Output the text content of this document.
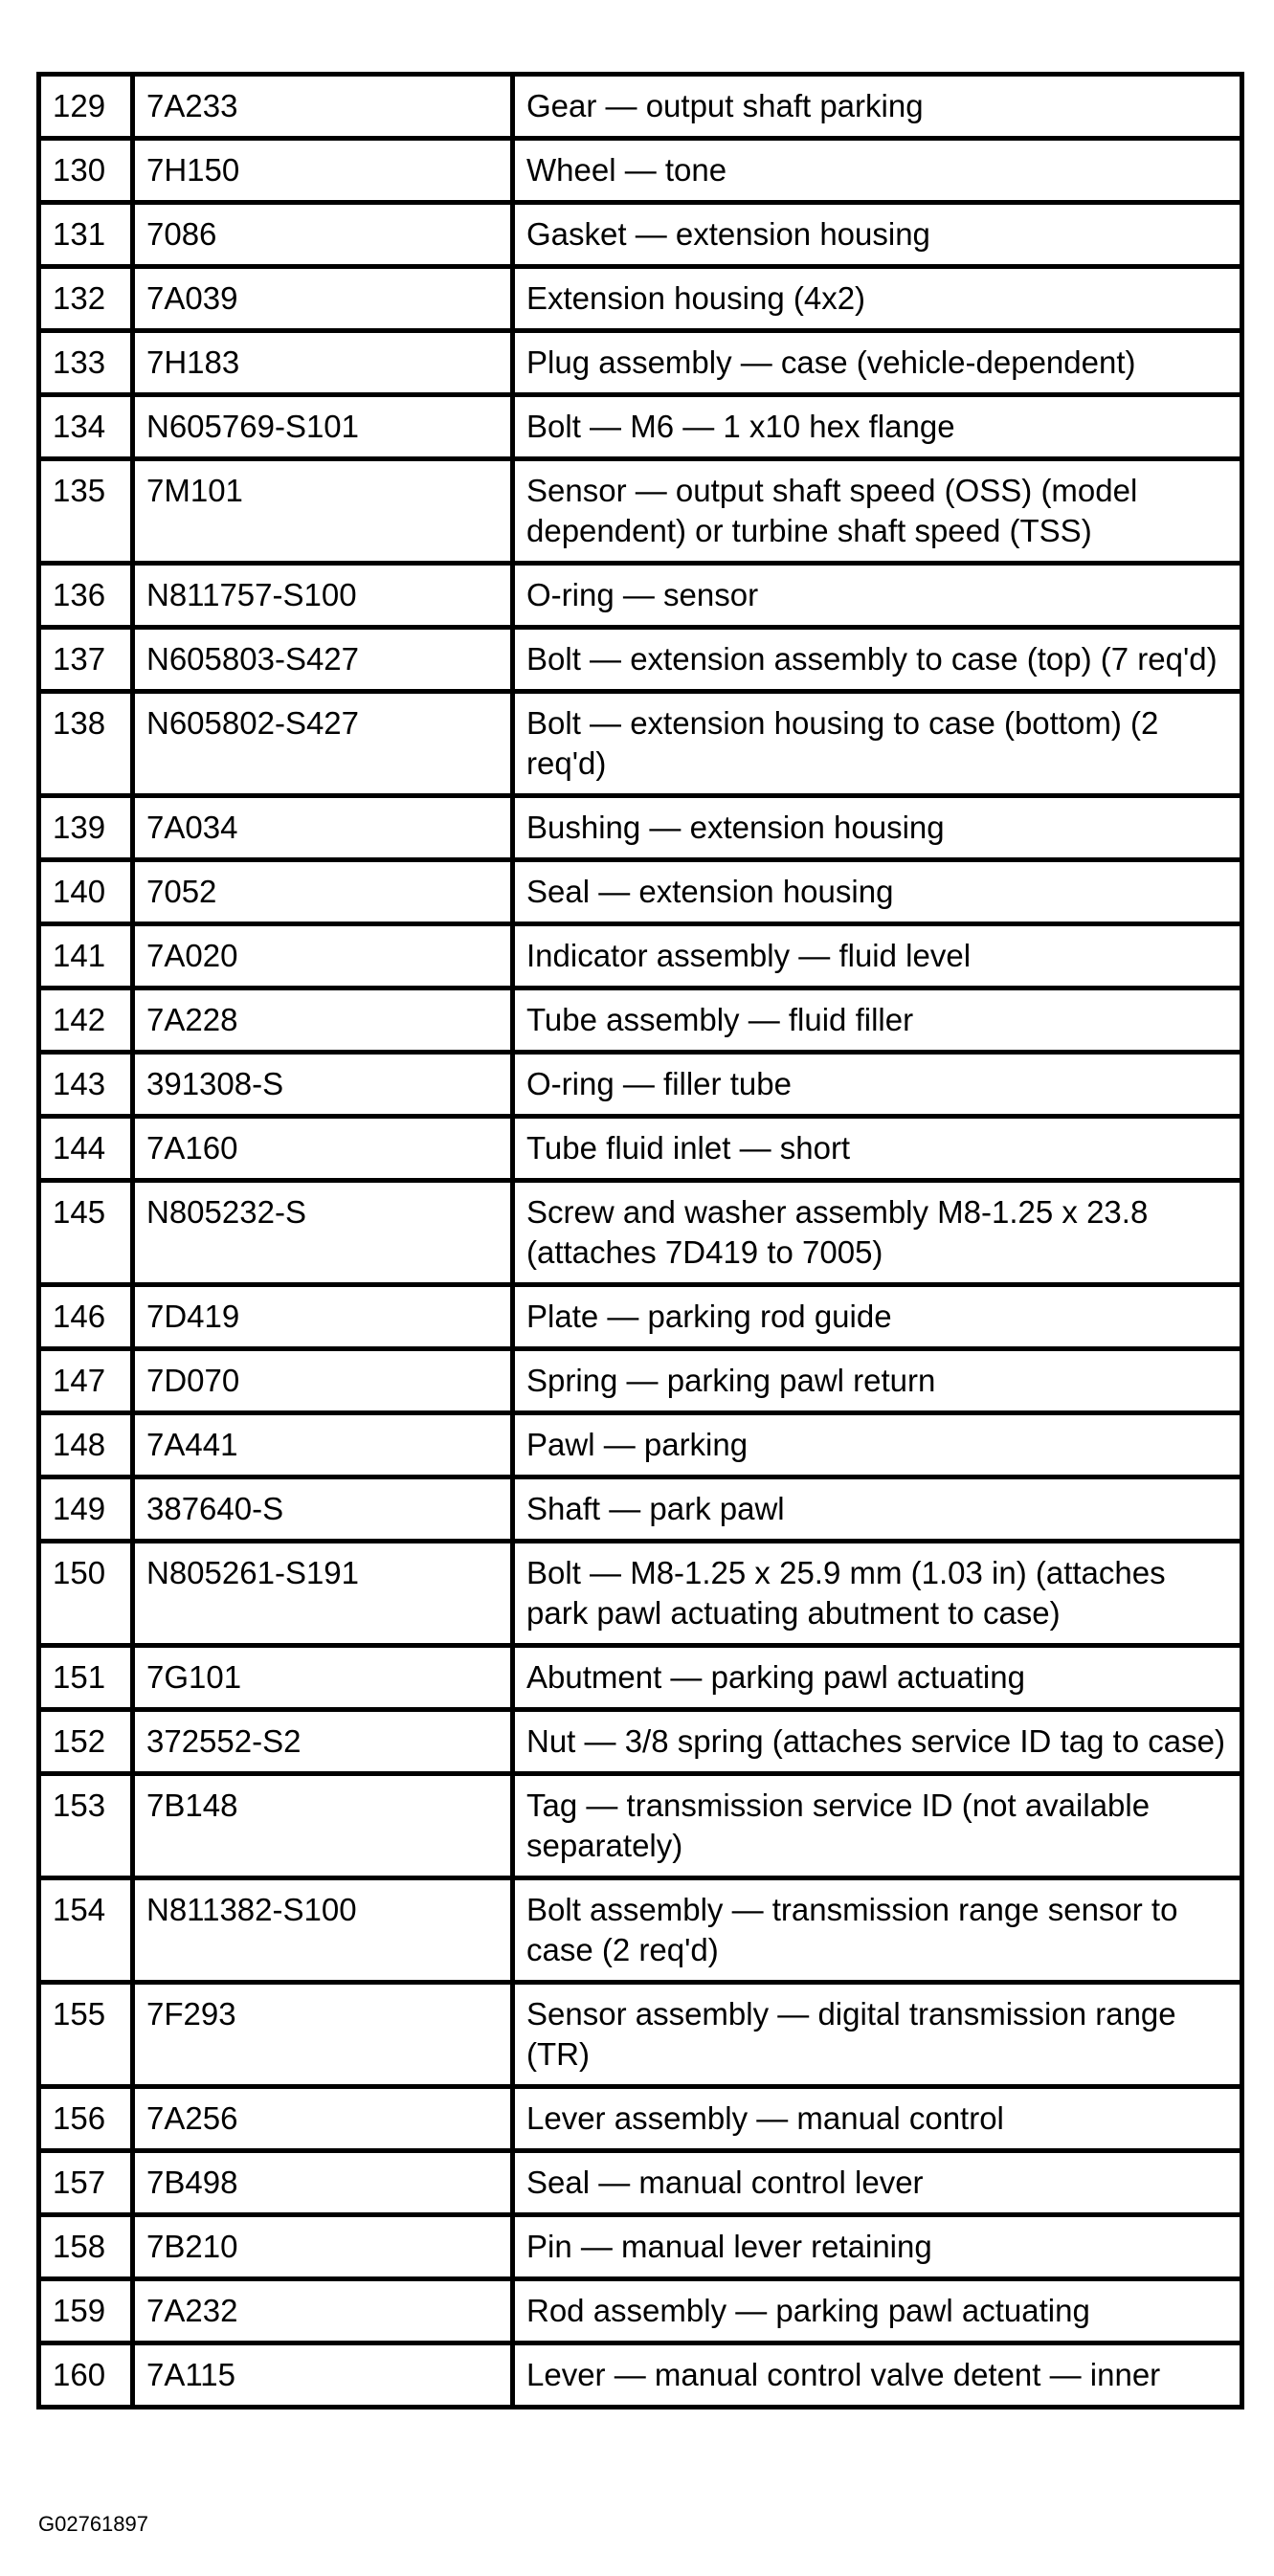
129	7A233	Gear — output shaft parking
130	7H150	Wheel — tone
131	7086	Gasket — extension housing
132	7A039	Extension housing (4x2)
133	7H183	Plug assembly — case (vehicle-dependent)
134	N605769-S101	Bolt — M6 — 1 x10 hex flange
135	7M101	Sensor — output shaft speed (OSS) (model dependent) or turbine shaft speed (TSS)
136	N811757-S100	O-ring — sensor
137	N605803-S427	Bolt — extension assembly to case (top) (7 req'd)
138	N605802-S427	Bolt — extension housing to case (bottom) (2 req'd)
139	7A034	Bushing — extension housing
140	7052	Seal — extension housing
141	7A020	Indicator assembly — fluid level
142	7A228	Tube assembly — fluid filler
143	391308-S	O-ring — filler tube
144	7A160	Tube fluid inlet — short
145	N805232-S	Screw and washer assembly M8-1.25 x 23.8 (attaches 7D419 to 7005)
146	7D419	Plate — parking rod guide
147	7D070	Spring — parking pawl return
148	7A441	Pawl — parking
149	387640-S	Shaft — park pawl
150	N805261-S191	Bolt — M8-1.25 x 25.9 mm (1.03 in) (attaches park pawl actuating abutment to case)
151	7G101	Abutment — parking pawl actuating
152	372552-S2	Nut — 3/8 spring (attaches service ID tag to case)
153	7B148	Tag — transmission service ID (not available separately)
154	N811382-S100	Bolt assembly — transmission range sensor to case (2 req'd)
155	7F293	Sensor assembly — digital transmission range (TR)
156	7A256	Lever assembly — manual control
157	7B498	Seal — manual control lever
158	7B210	Pin — manual lever retaining
159	7A232	Rod assembly — parking pawl actuating
160	7A115	Lever — manual control valve detent — inner
G02761897
